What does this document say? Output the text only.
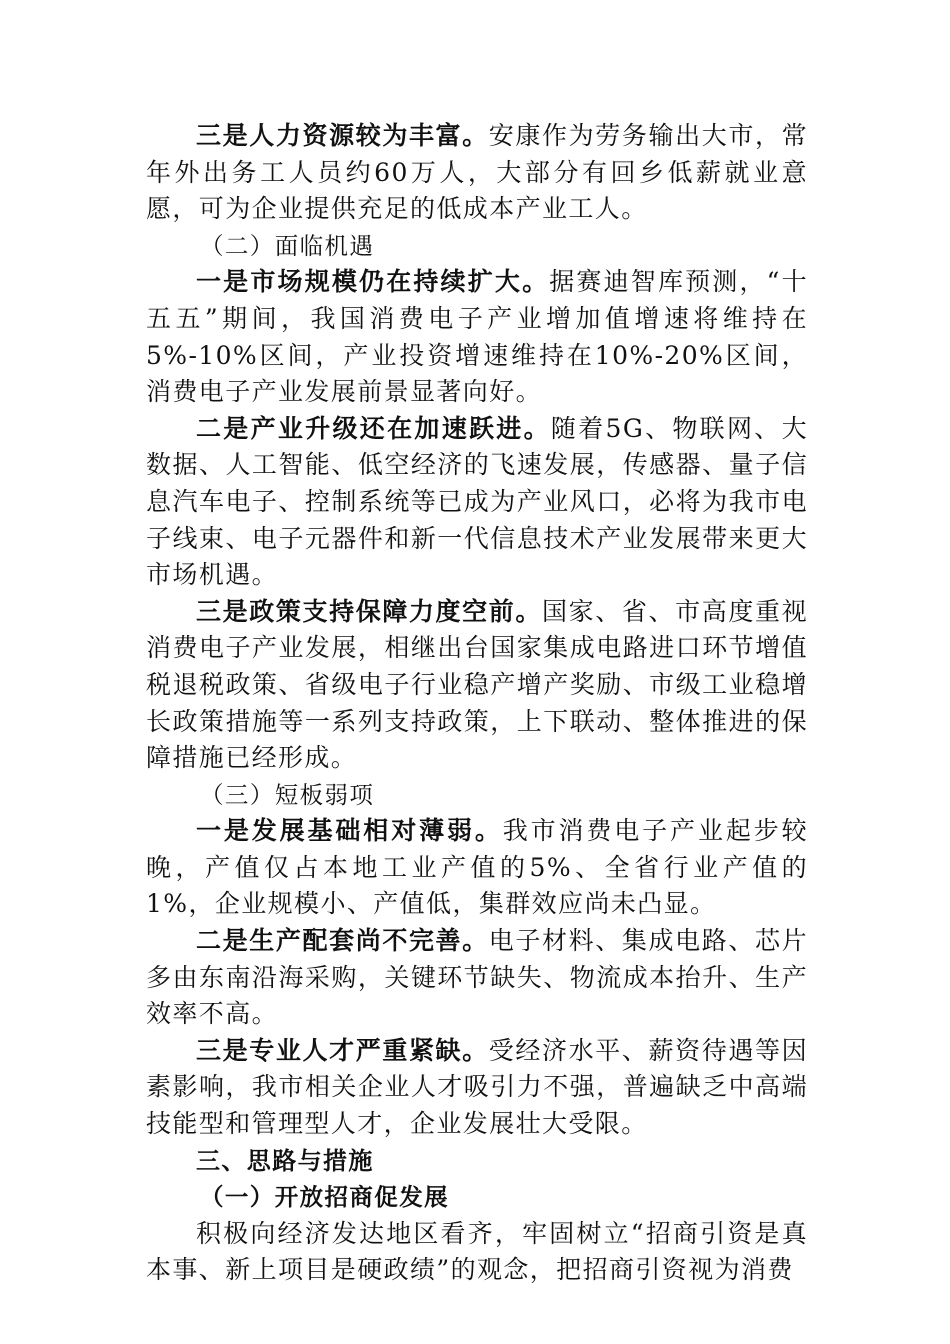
三是人力资源较为丰富。安康作为劳务输出大市，常年外出务工人员约60万人，大部分有回乡低薪就业意愿，可为企业提供充足的低成本产业工人。

（二）面临机遇

一是市场规模仍在持续扩大。据赛迪智库预测，“十五五”期间，我国消费电子产业增加值增速将维持在5%-10%区间，产业投资增速维持在10%-20%区间，消费电子产业发展前景显著向好。

二是产业升级还在加速跃进。随着5G、物联网、大数据、人工智能、低空经济的飞速发展，传感器、量子信息汽车电子、控制系统等已成为产业风口，必将为我市电子线束、电子元器件和新一代信息技术产业发展带来更大市场机遇。

三是政策支持保障力度空前。国家、省、市高度重视消费电子产业发展，相继出台国家集成电路进口环节增值税退税政策、省级电子行业稳产增产奖励、市级工业稳增长政策措施等一系列支持政策，上下联动、整体推进的保障措施已经形成。

（三）短板弱项

一是发展基础相对薄弱。我市消费电子产业起步较晚，产值仅占本地工业产值的5%、全省行业产值的1%，企业规模小、产值低，集群效应尚未凸显。

二是生产配套尚不完善。电子材料、集成电路、芯片多由东南沿海采购，关键环节缺失、物流成本抬升、生产效率不高。

三是专业人才严重紧缺。受经济水平、薪资待遇等因素影响，我市相关企业人才吸引力不强，普遍缺乏中高端技能型和管理型人才，企业发展壮大受限。

三、思路与措施

（一）开放招商促发展

积极向经济发达地区看齐，牢固树立“招商引资是真本事、新上项目是硬政绩”的观念，把招商引资视为消费
